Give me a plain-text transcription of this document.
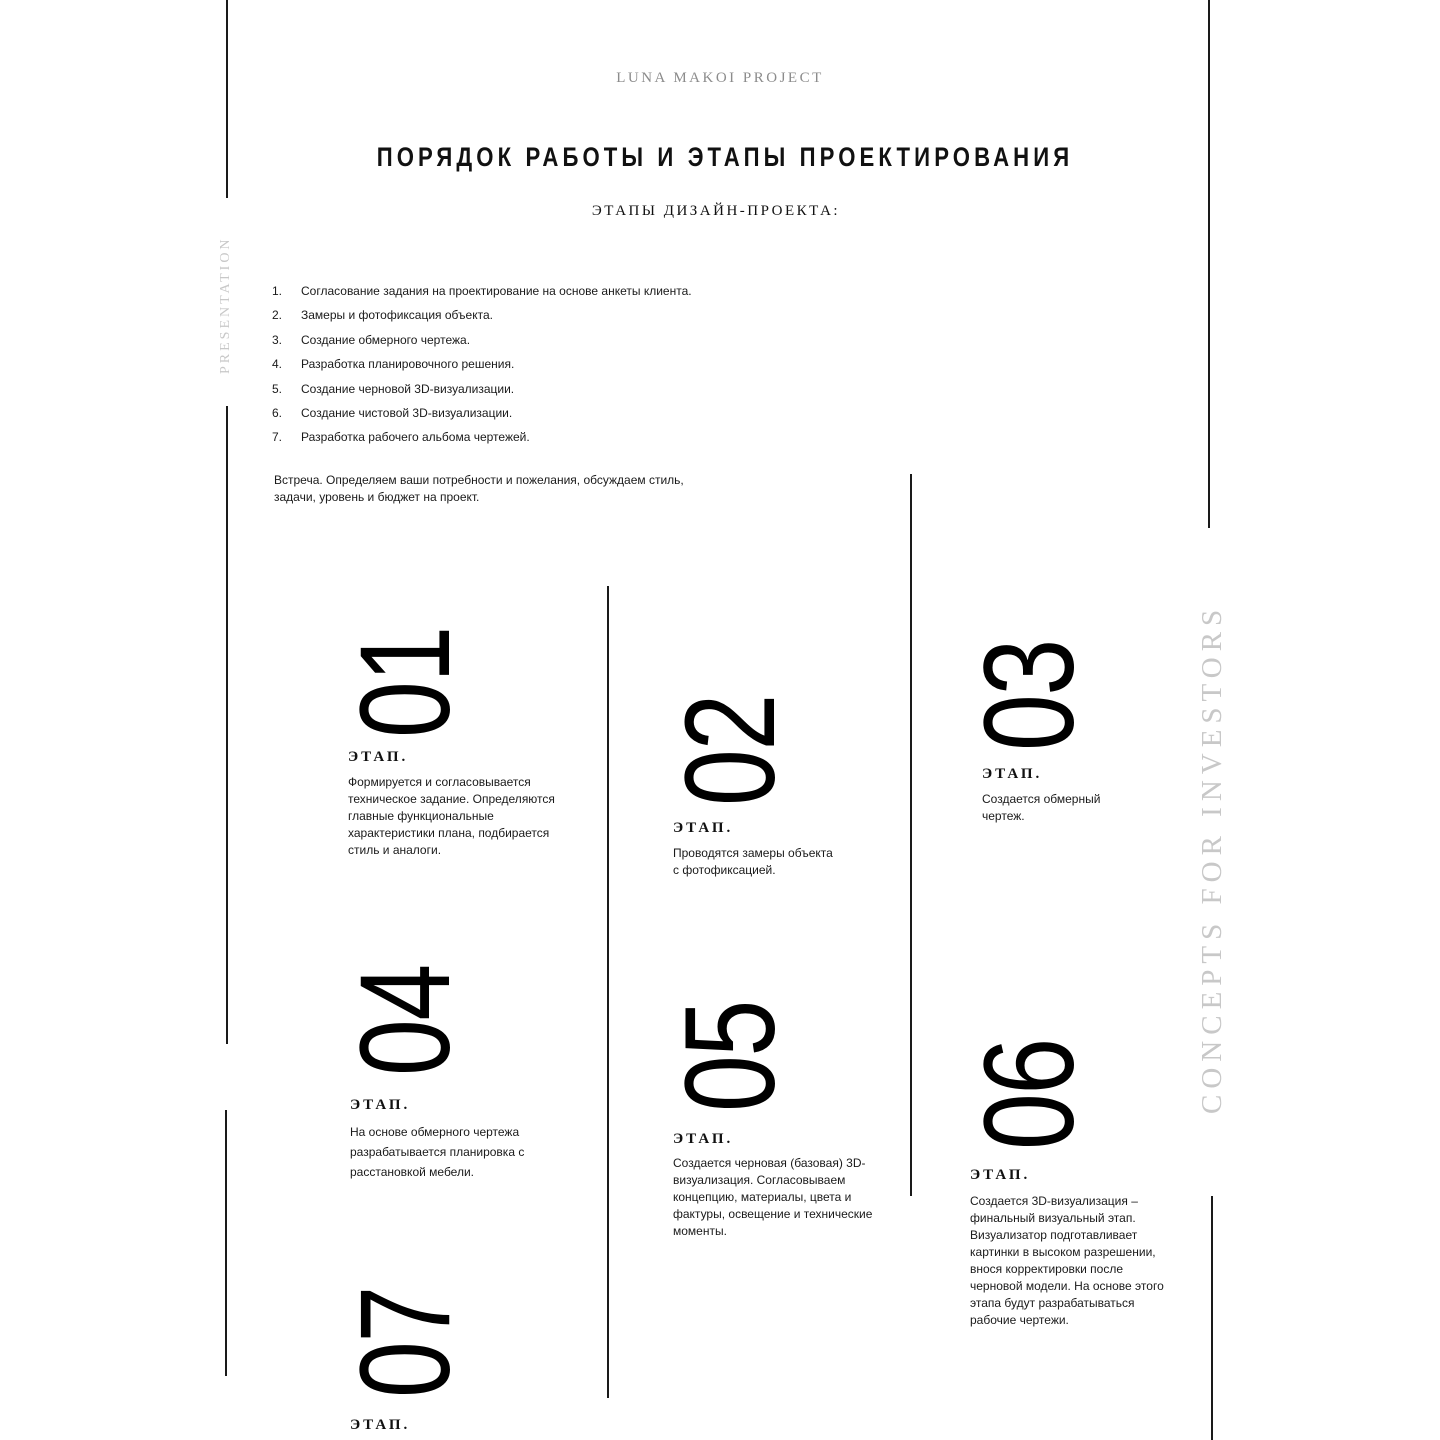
PRESENTATION
CONCEPTS FOR INVESTORS
LUNA MAKOI PROJECT
ПОРЯДОК РАБОТЫ И ЭТАПЫ ПРОЕКТИРОВАНИЯ
ЭТАПЫ ДИЗАЙН-ПРОЕКТА:
1.	Согласование задания на проектирование на основе анкеты клиента.
2.	Замеры и фотофиксация объекта.
3.	Создание обмерного чертежа.
4.	Разработка планировочного решения.
5.	Создание черновой 3D-визуализации.
6.	Создание чистовой 3D-визуализации.
7.	Разработка рабочего альбома чертежей.

Встреча. Определяем ваши потребности и пожелания, обсуждаем стиль, задачи, уровень и бюджет на проект.

01

ЭТАП.

Формируется и согласовывается техническое задание. Определяются главные функциональные характеристики плана, подбирается стиль и аналоги.

02

ЭТАП.

Проводятся замеры объекта с фотофиксацией.

03

ЭТАП.

Создается обмерный чертеж.

04

ЭТАП.

На основе обмерного чертежа разрабатывается планировка с расстановкой мебели.

05

ЭТАП.

Создается черновая (базовая) 3D-визуализация. Согласовываем концепцию, материалы, цвета и фактуры, освещение и технические моменты.

06

ЭТАП.

Создается 3D-визуализация – финальный визуальный этап. Визуализатор подготавливает картинки в высоком разрешении, внося корректировки после черновой модели. На основе этого этапа будут разрабатываться рабочие чертежи.

07

ЭТАП.
